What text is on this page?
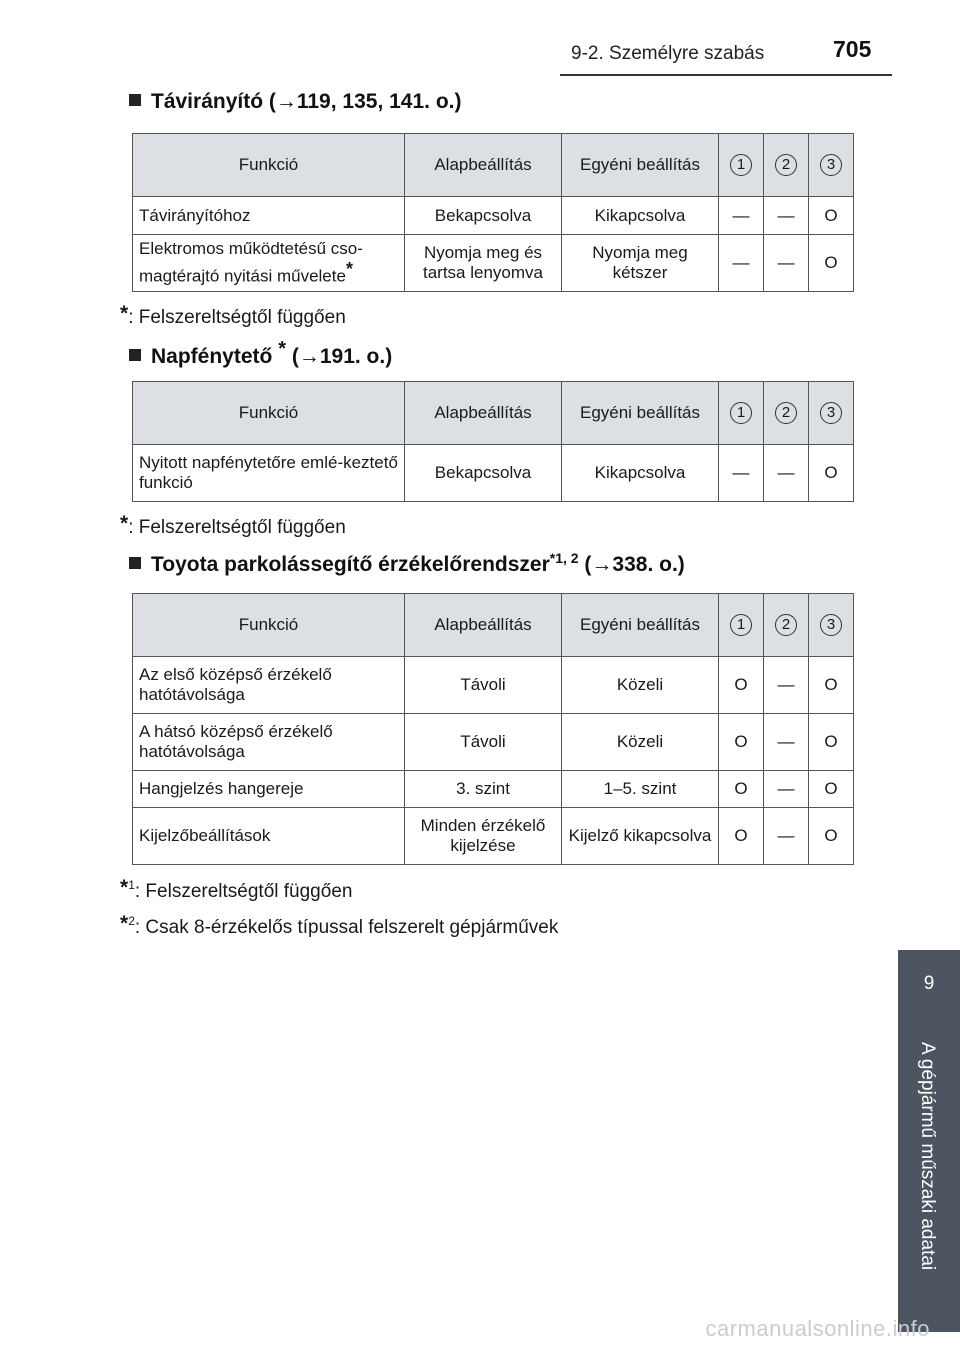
9-2. Személyre szabás	705
Távirányító (→119, 135, 141. o.)
Funkció	Alapbeállítás	Egyéni beállítás	1	2	3

Távirányítóhoz	Bekapcsolva	Kikapcsolva	—	—	O
Elektromos működtetésű cso-magtérajtó nyitási művelete*	Nyomja meg és tartsa lenyomva	Nyomja meg kétszer	—	—	O
*: Felszereltségtől függően
Napfénytető * (→191. o.)
Funkció	Alapbeállítás	Egyéni beállítás	1	2	3

Nyitott napfénytetőre emlé-keztető funkció	Bekapcsolva	Kikapcsolva	—	—	O
*: Felszereltségtől függően
Toyota parkolássegítő érzékelőrendszer$^{*1, 2}$ (→338. o.)
Funkció	Alapbeállítás	Egyéni beállítás	1	2	3

Az első középső érzékelő hatótávolsága	Távoli	Közeli	O	—	O
A hátsó középső érzékelő hatótávolsága	Távoli	Közeli	O	—	O
Hangjelzés hangereje	3. szint	1–5. szint	O	—	O
Kijelzőbeállítások	Minden érzékelő kijelzése	Kijelző kikapcsolva	O	—	O
*$^1$: Felszereltségtől függően
*$^2$: Csak 8-érzékelős típussal felszerelt gépjárművek
9
A gépjármű műszaki adatai
carmanualsonline.info
